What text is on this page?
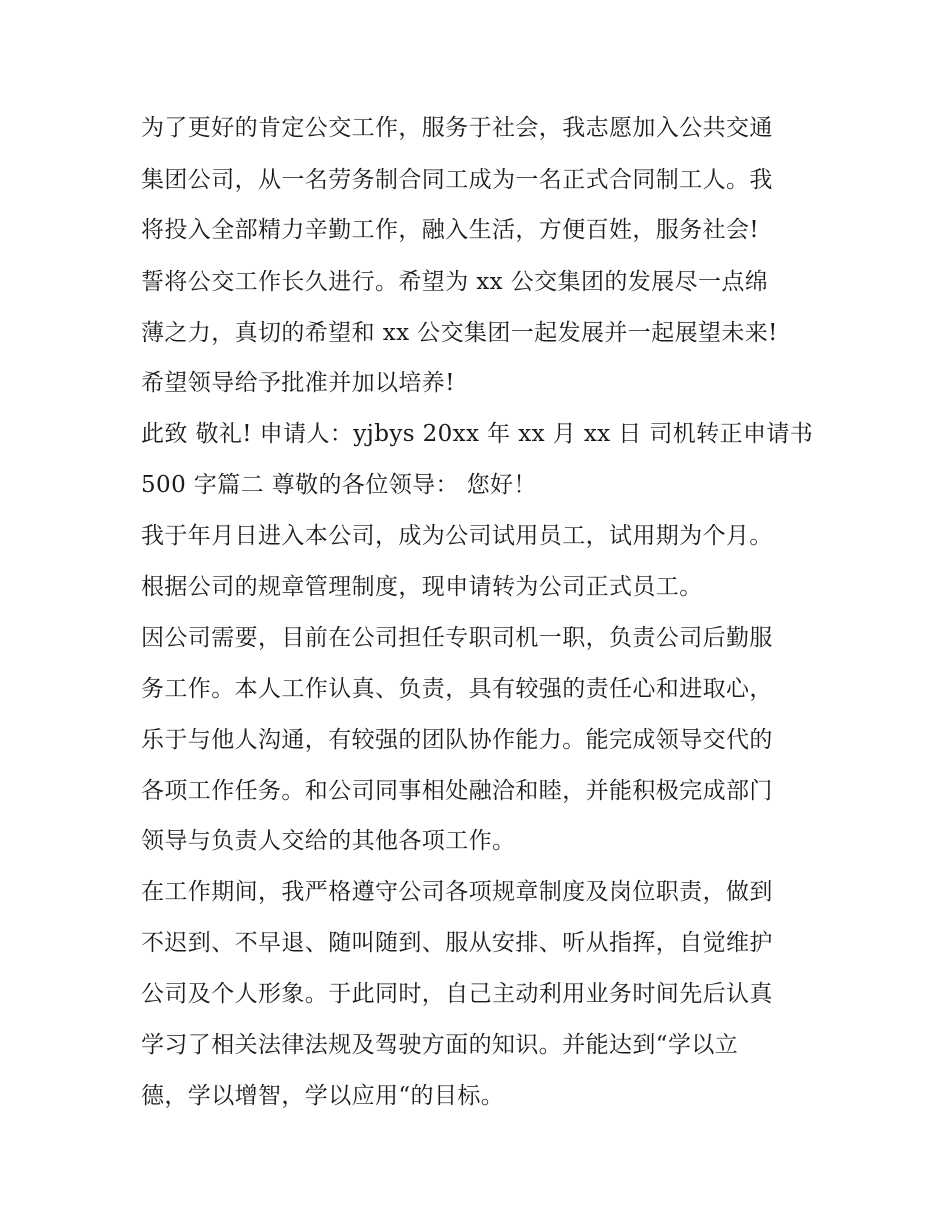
为了更好的肯定公交工作，服务于社会，我志愿加入公共交通
集团公司，从一名劳务制合同工成为一名正式合同制工人。我
将投入全部精力辛勤工作，融入生活，方便百姓，服务社会!
誓将公交工作长久进行。希望为 xx 公交集团的发展尽一点绵
薄之力，真切的希望和 xx 公交集团一起发展并一起展望未来!
希望领导给予批准并加以培养!
此致 敬礼! 申请人：yjbys 20xx 年 xx 月 xx 日 司机转正申请书
500 字篇二 尊敬的各位领导： 您好！
我于年月日进入本公司，成为公司试用员工，试用期为个月。
根据公司的规章管理制度，现申请转为公司正式员工。
因公司需要，目前在公司担任专职司机一职，负责公司后勤服
务工作。本人工作认真、负责，具有较强的责任心和进取心，
乐于与他人沟通，有较强的团队协作能力。能完成领导交代的
各项工作任务。和公司同事相处融洽和睦，并能积极完成部门
领导与负责人交给的其他各项工作。
在工作期间，我严格遵守公司各项规章制度及岗位职责，做到
不迟到、不早退、随叫随到、服从安排、听从指挥，自觉维护
公司及个人形象。于此同时，自己主动利用业务时间先后认真
学习了相关法律法规及驾驶方面的知识。并能达到“学以立
德，学以增智，学以应用“的目标。
